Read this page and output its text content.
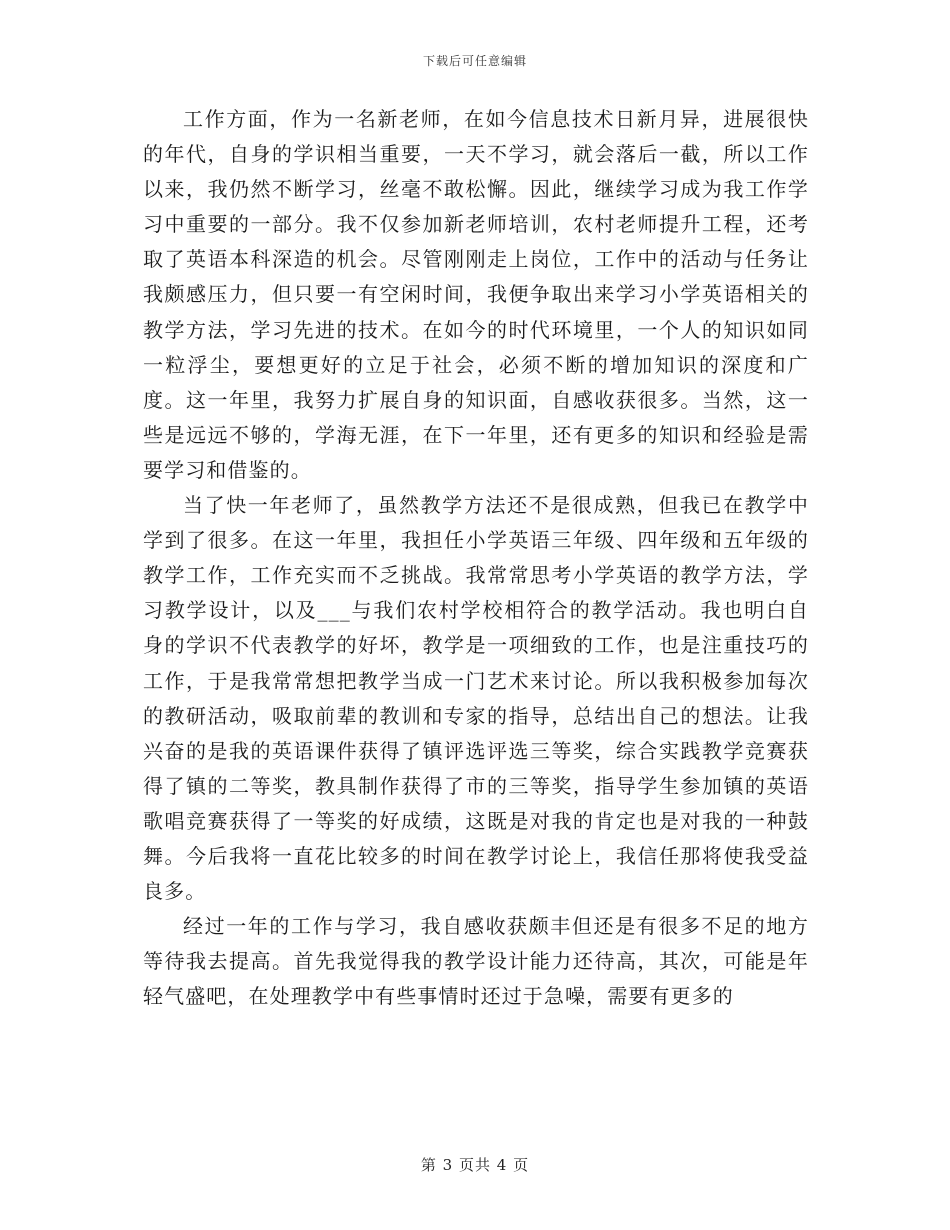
下载后可任意编辑

工作方面，作为一名新老师，在如今信息技术日新月异，进展很快的年代，自身的学识相当重要，一天不学习，就会落后一截，所以工作以来，我仍然不断学习，丝毫不敢松懈。因此，继续学习成为我工作学习中重要的一部分。我不仅参加新老师培训，农村老师提升工程，还考取了英语本科深造的机会。尽管刚刚走上岗位，工作中的活动与任务让我颇感压力，但只要一有空闲时间，我便争取出来学习小学英语相关的教学方法，学习先进的技术。在如今的时代环境里，一个人的知识如同一粒浮尘，要想更好的立足于社会，必须不断的增加知识的深度和广度。这一年里，我努力扩展自身的知识面，自感收获很多。当然，这一些是远远不够的，学海无涯，在下一年里，还有更多的知识和经验是需要学习和借鉴的。

当了快一年老师了，虽然教学方法还不是很成熟，但我已在教学中学到了很多。在这一年里，我担任小学英语三年级、四年级和五年级的教学工作，工作充实而不乏挑战。我常常思考小学英语的教学方法，学习教学设计，以及___与我们农村学校相符合的教学活动。我也明白自身的学识不代表教学的好坏，教学是一项细致的工作，也是注重技巧的工作，于是我常常想把教学当成一门艺术来讨论。所以我积极参加每次的教研活动，吸取前辈的教训和专家的指导，总结出自己的想法。让我兴奋的是我的英语课件获得了镇评选评选三等奖，综合实践教学竞赛获得了镇的二等奖，教具制作获得了市的三等奖，指导学生参加镇的英语歌唱竞赛获得了一等奖的好成绩，这既是对我的肯定也是对我的一种鼓舞。今后我将一直花比较多的时间在教学讨论上，我信任那将使我受益良多。

经过一年的工作与学习，我自感收获颇丰但还是有很多不足的地方等待我去提高。首先我觉得我的教学设计能力还待高，其次，可能是年轻气盛吧，在处理教学中有些事情时还过于急噪，需要有更多的

第 3 页共 4 页
